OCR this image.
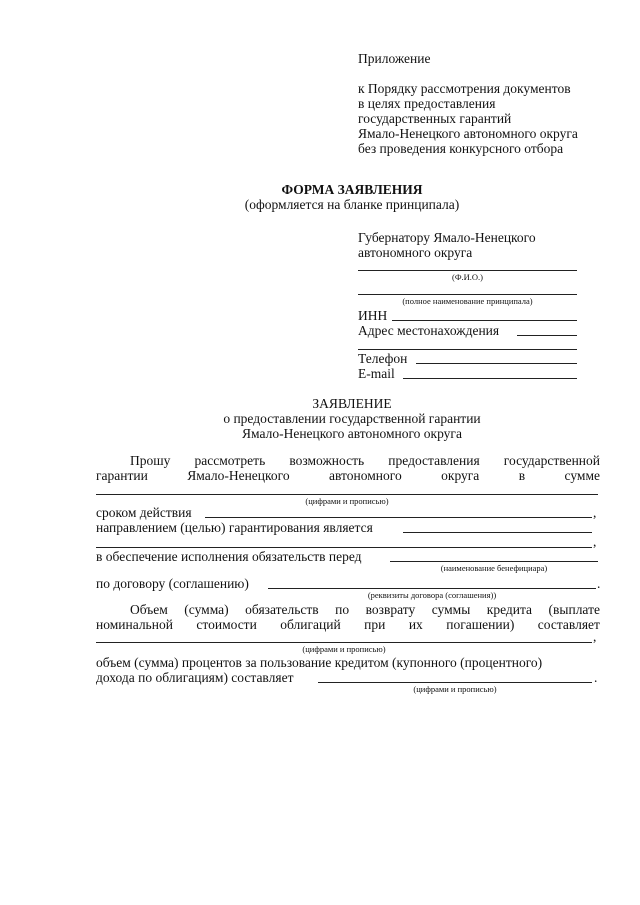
Приложение
к Порядку рассмотрения документов
в целях предоставления
государственных гарантий
Ямало-Ненецкого автономного округа
без проведения конкурсного отбора
ФОРМА ЗАЯВЛЕНИЯ
(оформляется на бланке принципала)
Губернатору Ямало-Ненецкого
автономного округа
(Ф.И.О.)
(полное наименование принципала)
ИНН
Адрес местонахождения
Телефон
E-mail
ЗАЯВЛЕНИЕ
о предоставлении государственной гарантии
Ямало-Ненецкого автономного округа
Прошу рассмотреть возможность предоставления государственной
гарантии	Ямало-Ненецкого	автономного	округа	в	сумме
(цифрами и прописью)
сроком действия	,
направлением (целью) гарантирования является
,
в обеспечение исполнения обязательств перед
(наименование бенефициара)
по договору (соглашению)	.
(реквизиты договора (соглашения))
Объем (сумма) обязательств по возврату суммы кредита (выплате
номинальной стоимости облигаций при их погашении) составляет
,
(цифрами и прописью)
объем (сумма) процентов за пользование кредитом (купонного (процентного)
дохода по облигациям) составляет	.
(цифрами и прописью)
